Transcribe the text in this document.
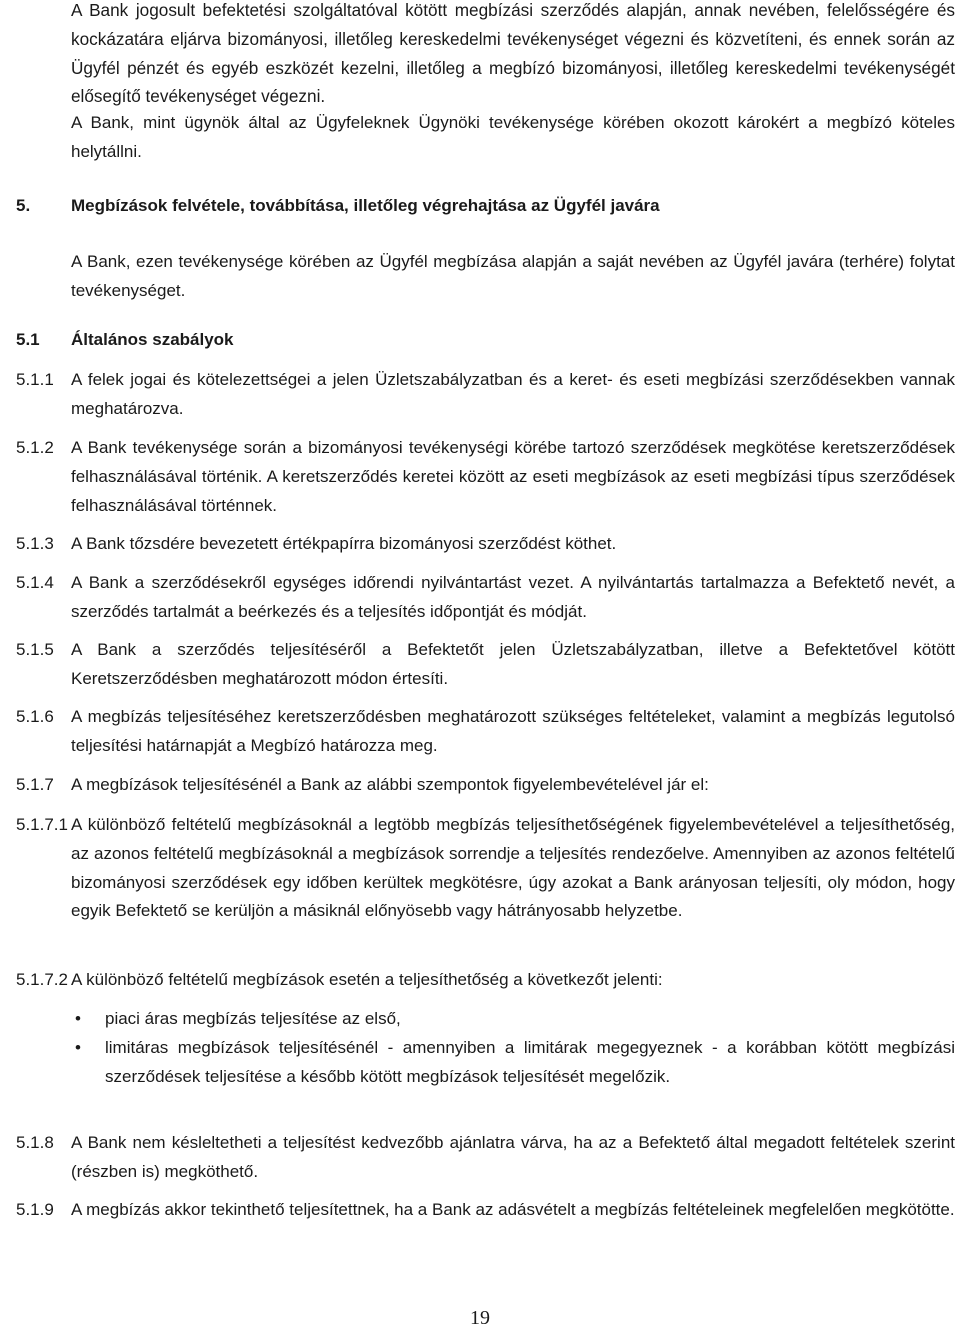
A Bank jogosult befektetési szolgáltatóval kötött megbízási szerződés alapján, annak nevében, felelősségére és kockázatára eljárva bizományosi, illetőleg kereskedelmi tevékenységet végezni és közvetíteni, és ennek során az Ügyfél pénzét és egyéb eszközét kezelni, illetőleg a megbízó bizományosi, illetőleg kereskedelmi tevékenységét elősegítő tevékenységet végezni.

A Bank, mint ügynök által az Ügyfeleknek Ügynöki tevékenysége körében okozott károkért a megbízó köteles helytállni.

5. Megbízások felvétele, továbbítása, illetőleg végrehajtása az Ügyfél javára

A Bank, ezen tevékenysége körében az Ügyfél megbízása alapján a saját nevében az Ügyfél javára (terhére) folytat tevékenységet.

5.1 Általános szabályok
5.1.1	A felek jogai és kötelezettségei a jelen Üzletszabályzatban és a keret- és eseti megbízási szerződésekben vannak meghatározva.
5.1.2	A Bank tevékenysége során a bizományosi tevékenységi körébe tartozó szerződések megkötése keretszerződések felhasználásával történik. A keretszerződés keretei között az eseti megbízások az eseti megbízási típus szerződések felhasználásával történnek.
5.1.3	A Bank tőzsdére bevezetett értékpapírra bizományosi szerződést köthet.
5.1.4	A Bank a szerződésekről egységes időrendi nyilvántartást vezet. A nyilvántartás tartalmazza a Befektető nevét, a szerződés tartalmát a beérkezés és a teljesítés időpontját és módját.
5.1.5	A Bank a szerződés teljesítéséről a Befektetőt jelen Üzletszabályzatban, illetve a Befektetővel kötött Keretszerződésben meghatározott módon értesíti.
5.1.6	A megbízás teljesítéséhez keretszerződésben meghatározott szükséges feltételeket, valamint a megbízás legutolsó teljesítési határnapját a Megbízó határozza meg.
5.1.7	A megbízások teljesítésénél a Bank az alábbi szempontok figyelembevételével jár el:
5.1.7.1 A különböző feltételű megbízásoknál a legtöbb megbízás teljesíthetőségének figyelembevételével a teljesíthetőség, az azonos feltételű megbízásoknál a megbízások sorrendje a teljesítés rendezőelve. Amennyiben az azonos feltételű bizományosi szerződések egy időben kerültek megkötésre, úgy azokat a Bank arányosan teljesíti, oly módon, hogy egyik Befektető se kerüljön a másiknál előnyösebb vagy hátrányosabb helyzetbe.
5.1.7.2 A különböző feltételű megbízások esetén a teljesíthetőség a következőt jelenti:
• piaci áras megbízás teljesítése az első,
• limitáras megbízások teljesítésénél - amennyiben a limitárak megegyeznek - a korábban kötött megbízási szerződések teljesítése a később kötött megbízások teljesítését megelőzik.
5.1.8	A Bank nem késleltetheti a teljesítést kedvezőbb ajánlatra várva, ha az a Befektető által megadott feltételek szerint (részben is) megköthető.
5.1.9	A megbízás akkor tekinthető teljesítettnek, ha a Bank az adásvételt a megbízás feltételeinek megfelelően megkötötte.
19
